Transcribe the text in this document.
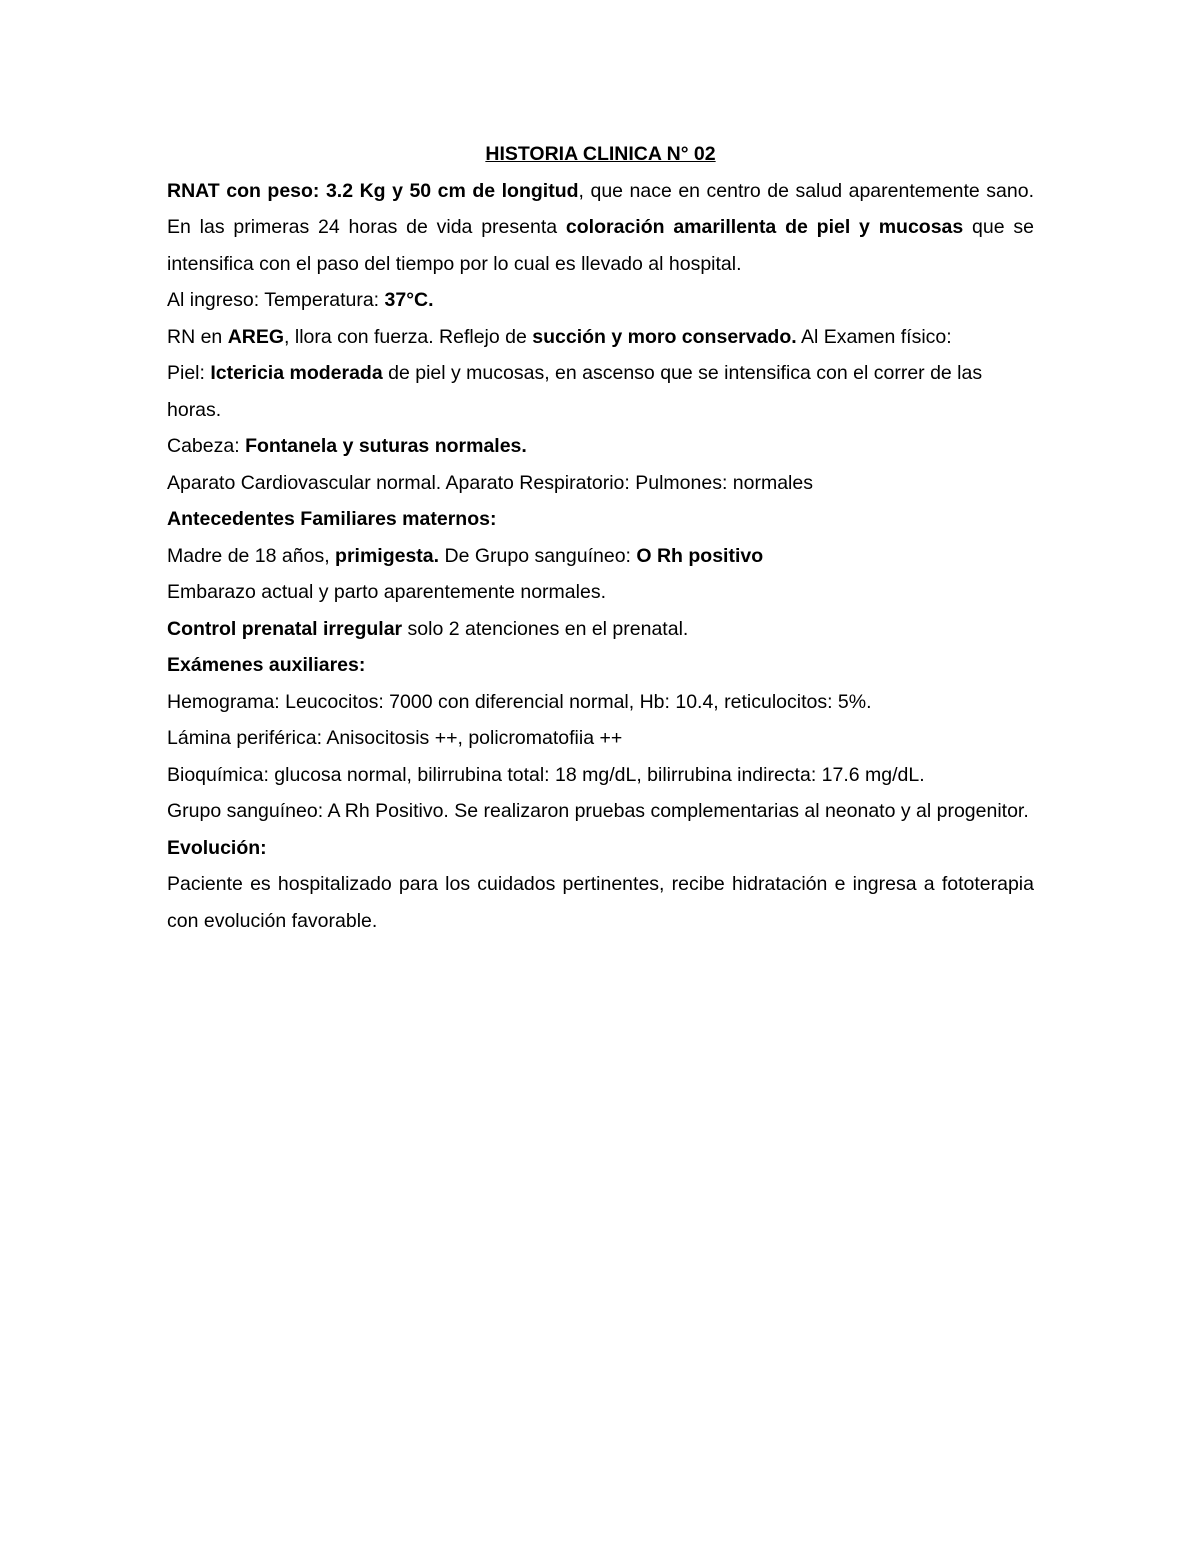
HISTORIA CLINICA N° 02

RNAT con peso: 3.2 Kg y 50 cm de longitud, que nace en centro de salud aparentemente sano. En las primeras 24 horas de vida presenta coloración amarillenta de piel y mucosas que se intensifica con el paso del tiempo por lo cual es llevado al hospital.

Al ingreso: Temperatura: 37°C.

RN en AREG, llora con fuerza. Reflejo de succión y moro conservado. Al Examen físico:

Piel: Ictericia moderada de piel y mucosas, en ascenso que se intensifica con el correr de las horas.

Cabeza: Fontanela y suturas normales.

Aparato Cardiovascular normal. Aparato Respiratorio: Pulmones: normales

Antecedentes Familiares maternos:

Madre de 18 años, primigesta. De Grupo sanguíneo: O Rh positivo

Embarazo actual y parto aparentemente normales.

Control prenatal irregular solo 2 atenciones en el prenatal.

Exámenes auxiliares:

Hemograma: Leucocitos: 7000 con diferencial normal, Hb: 10.4, reticulocitos: 5%.

Lámina periférica: Anisocitosis ++, policromatofiia ++

Bioquímica: glucosa normal, bilirrubina total: 18 mg/dL, bilirrubina indirecta: 17.6 mg/dL.

Grupo sanguíneo: A Rh Positivo. Se realizaron pruebas complementarias al neonato y al progenitor.

Evolución:

Paciente es hospitalizado para los cuidados pertinentes, recibe hidratación e ingresa a fototerapia con evolución favorable.
